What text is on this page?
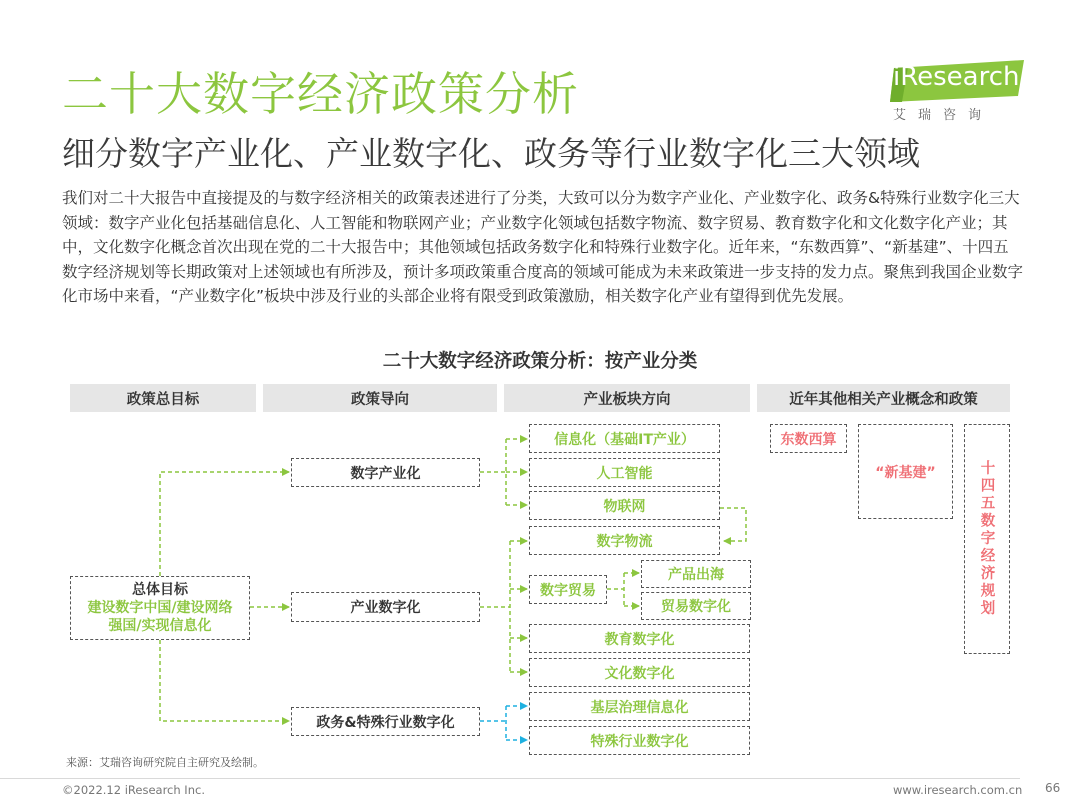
二十大数字经济政策分析
细分数字产业化、产业数字化、政务等行业数字化三大领域
iResearch
艾瑞咨询
我们对二十大报告中直接提及的与数字经济相关的政策表述进行了分类，大致可以分为数字产业化、产业数字化、政务&特殊行业数字化三大领域：数字产业化包括基础信息化、人工智能和物联网产业；产业数字化领域包括数字物流、数字贸易、教育数字化和文化数字化产业；其中，文化数字化概念首次出现在党的二十大报告中；其他领域包括政务数字化和特殊行业数字化。近年来，“东数西算”、“新基建”、十四五数字经济规划等长期政策对上述领域也有所涉及，预计多项政策重合度高的领域可能成为未来政策进一步支持的发力点。聚焦到我国企业数字化市场中来看，“产业数字化”板块中涉及行业的头部企业将有限受到政策激励，相关数字化产业有望得到优先发展。
二十大数字经济政策分析：按产业分类
政策总目标	政策导向	产业板块方向	近年其他相关产业概念和政策
总体目标
建设数字中国/建设网络
强国/实现信息化
数字产业化
产业数字化
政务&特殊行业数字化
信息化（基础IT产业）
人工智能
物联网
数字物流
数字贸易
产品出海
贸易数字化
教育数字化
文化数字化
基层治理信息化
特殊行业数字化
东数西算
“新基建”	十四五数字经济规划
来源：艾瑞咨询研究院自主研究及绘制。
©2022.12 iResearch Inc.	www.iresearch.com.cn 66
